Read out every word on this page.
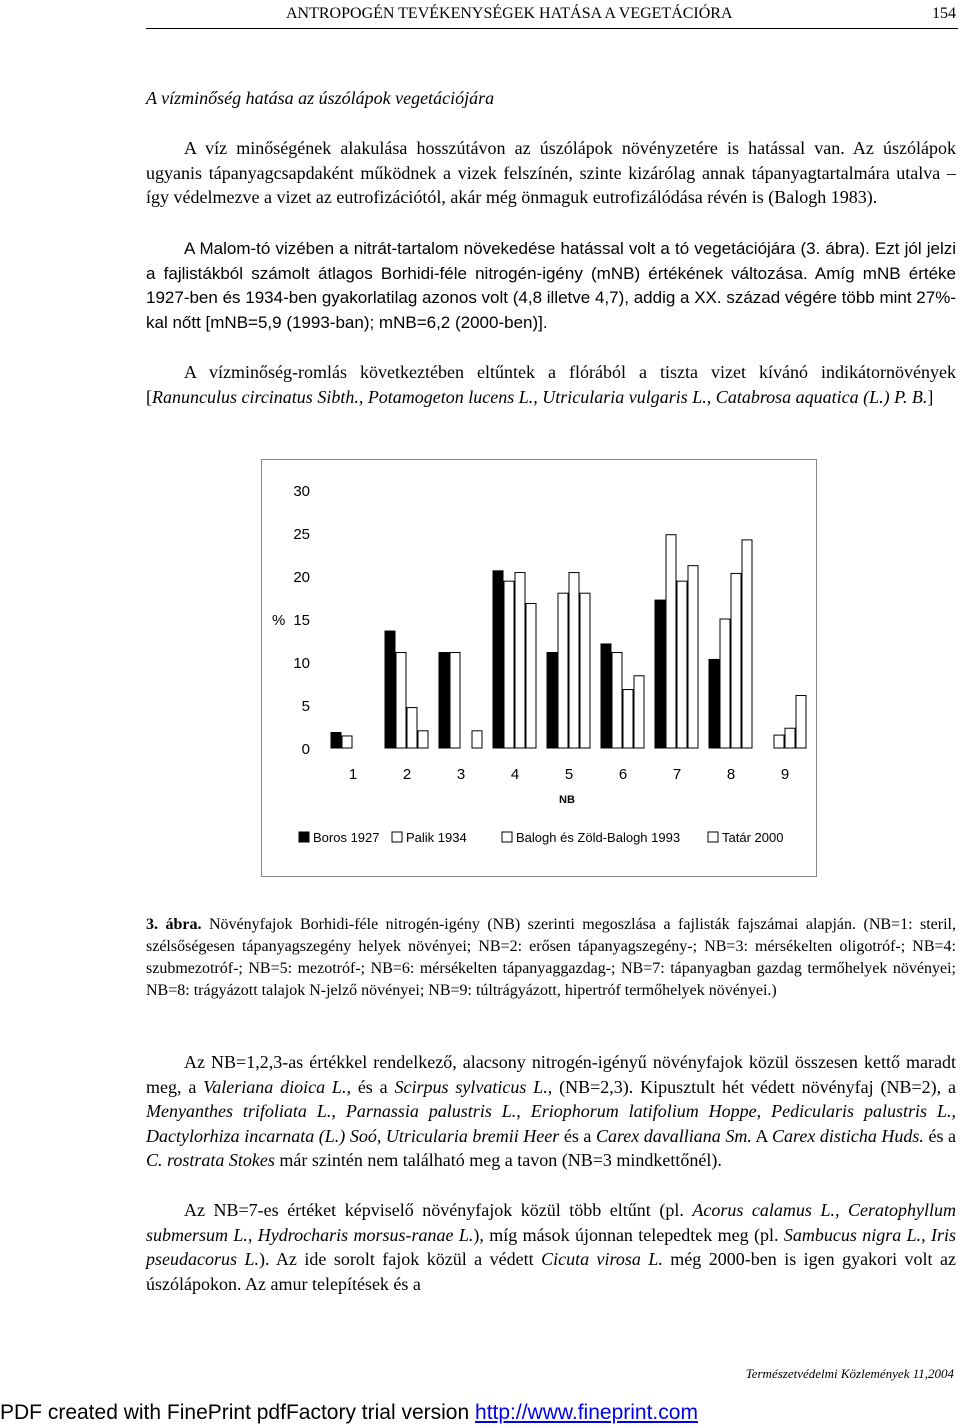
ANTROPOGÉN TEVÉKENYSÉGEK HATÁSA A VEGETÁCIÓRA	154
A vízminőség hatása az úszólápok vegetációjára
A víz minőségének alakulása hosszútávon az úszólápok növényzetére is hatással van. Az úszólápok ugyanis tápanyagcsapdaként működnek a vizek felszínén, szinte kizárólag annak tápanyagtartalmára utalva – így védelmezve a vizet az eutrofizációtól, akár még önmaguk eutrofizálódása révén is (Balogh 1983).
A Malom-tó vizében a nitrát-tartalom növekedése hatással volt a tó vegetációjára (3. ábra). Ezt jól jelzi a fajlistákból számolt átlagos Borhidi-féle nitrogén-igény (mNB) értékének változása. Amíg mNB értéke 1927-ben és 1934-ben gyakorlatilag azonos volt (4,8 illetve 4,7), addig a XX. század végére több mint 27%-kal nőtt [mNB=5,9 (1993-ban); mNB=6,2 (2000-ben)].
A vízminőség-romlás következtében eltűntek a flórából a tiszta vizet kívánó indikátornövények [Ranunculus circinatus Sibth., Potamogeton lucens L., Utricularia vulgaris L., Catabrosa aquatica (L.) P. B.]
0
5
10
15
20
25
30
%
1	2	3	4	5	6	7	8	9
NB
Boros 1927 Palik 1934	Balogh és Zöld-Balogh 1993	Tatár 2000
3. ábra. Növényfajok Borhidi-féle nitrogén-igény (NB) szerinti megoszlása a fajlisták fajszámai alapján. (NB=1: steril, szélsőségesen tápanyagszegény helyek növényei; NB=2: erősen tápanyagszegény-; NB=3: mérsékelten oligotróf-; NB=4: szubmezotróf-; NB=5: mezotróf-; NB=6: mérsékelten tápanyaggazdag-; NB=7: tápanyagban gazdag termőhelyek növényei; NB=8: trágyázott talajok N-jelző növényei; NB=9: túltrágyázott, hipertróf termőhelyek növényei.)
Az NB=1,2,3-as értékkel rendelkező, alacsony nitrogén-igényű növényfajok közül összesen kettő maradt meg, a Valeriana dioica L., és a Scirpus sylvaticus L., (NB=2,3). Kipusztult hét védett növényfaj (NB=2), a Menyanthes trifoliata L., Parnassia palustris L., Eriophorum latifolium Hoppe, Pedicularis palustris L., Dactylorhiza incarnata (L.) Soó, Utricularia bremii Heer és a Carex davalliana Sm. A Carex disticha Huds. és a C. rostrata Stokes már szintén nem található meg a tavon (NB=3 mindkettőnél).
Az NB=7-es értéket képviselő növényfajok közül több eltűnt (pl. Acorus calamus L., Ceratophyllum submersum L., Hydrocharis morsus-ranae L.), míg mások újonnan telepedtek meg (pl. Sambucus nigra L., Iris pseudacorus L.). Az ide sorolt fajok közül a védett Cicuta virosa L. még 2000-ben is igen gyakori volt az úszólápokon. Az amur telepítések és a
Természetvédelmi Közlemények 11,2004
PDF created with FinePrint pdfFactory trial version http://www.fineprint.com
